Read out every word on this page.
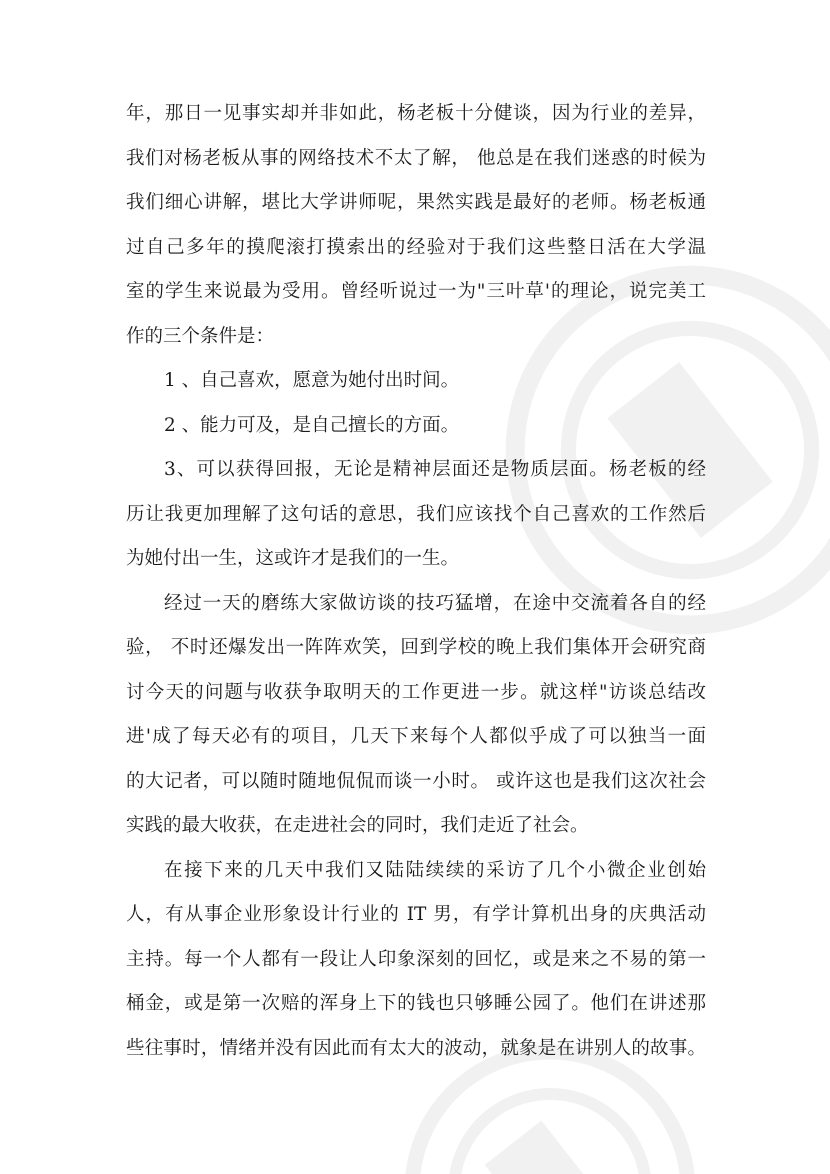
年，那日一见事实却并非如此，杨老板十分健谈，因为行业的差异，
我们对杨老板从事的网络技术不太了解， 他总是在我们迷惑的时候为
我们细心讲解，堪比大学讲师呢，果然实践是最好的老师。杨老板通
过自己多年的摸爬滚打摸索出的经验对于我们这些整日活在大学温
室的学生来说最为受用。曾经听说过一为"三叶草'的理论，说完美工
作的三个条件是：
1 、自己喜欢，愿意为她付出时间。
2 、能力可及，是自己擅长的方面。
3、可以获得回报，无论是精神层面还是物质层面。杨老板的经
历让我更加理解了这句话的意思，我们应该找个自己喜欢的工作然后
为她付出一生，这或许才是我们的一生。
经过一天的磨练大家做访谈的技巧猛增，在途中交流着各自的经
验， 不时还爆发出一阵阵欢笑，回到学校的晚上我们集体开会研究商
讨今天的问题与收获争取明天的工作更进一步。就这样"访谈总结改
进'成了每天必有的项目，几天下来每个人都似乎成了可以独当一面
的大记者，可以随时随地侃侃而谈一小时。 或许这也是我们这次社会
实践的最大收获，在走进社会的同时，我们走近了社会。
在接下来的几天中我们又陆陆续续的采访了几个小微企业创始
人，有从事企业形象设计行业的 IT 男，有学计算机出身的庆典活动
主持。每一个人都有一段让人印象深刻的回忆，或是来之不易的第一
桶金，或是第一次赔的浑身上下的钱也只够睡公园了。他们在讲述那
些往事时，情绪并没有因此而有太大的波动，就象是在讲别人的故事。
